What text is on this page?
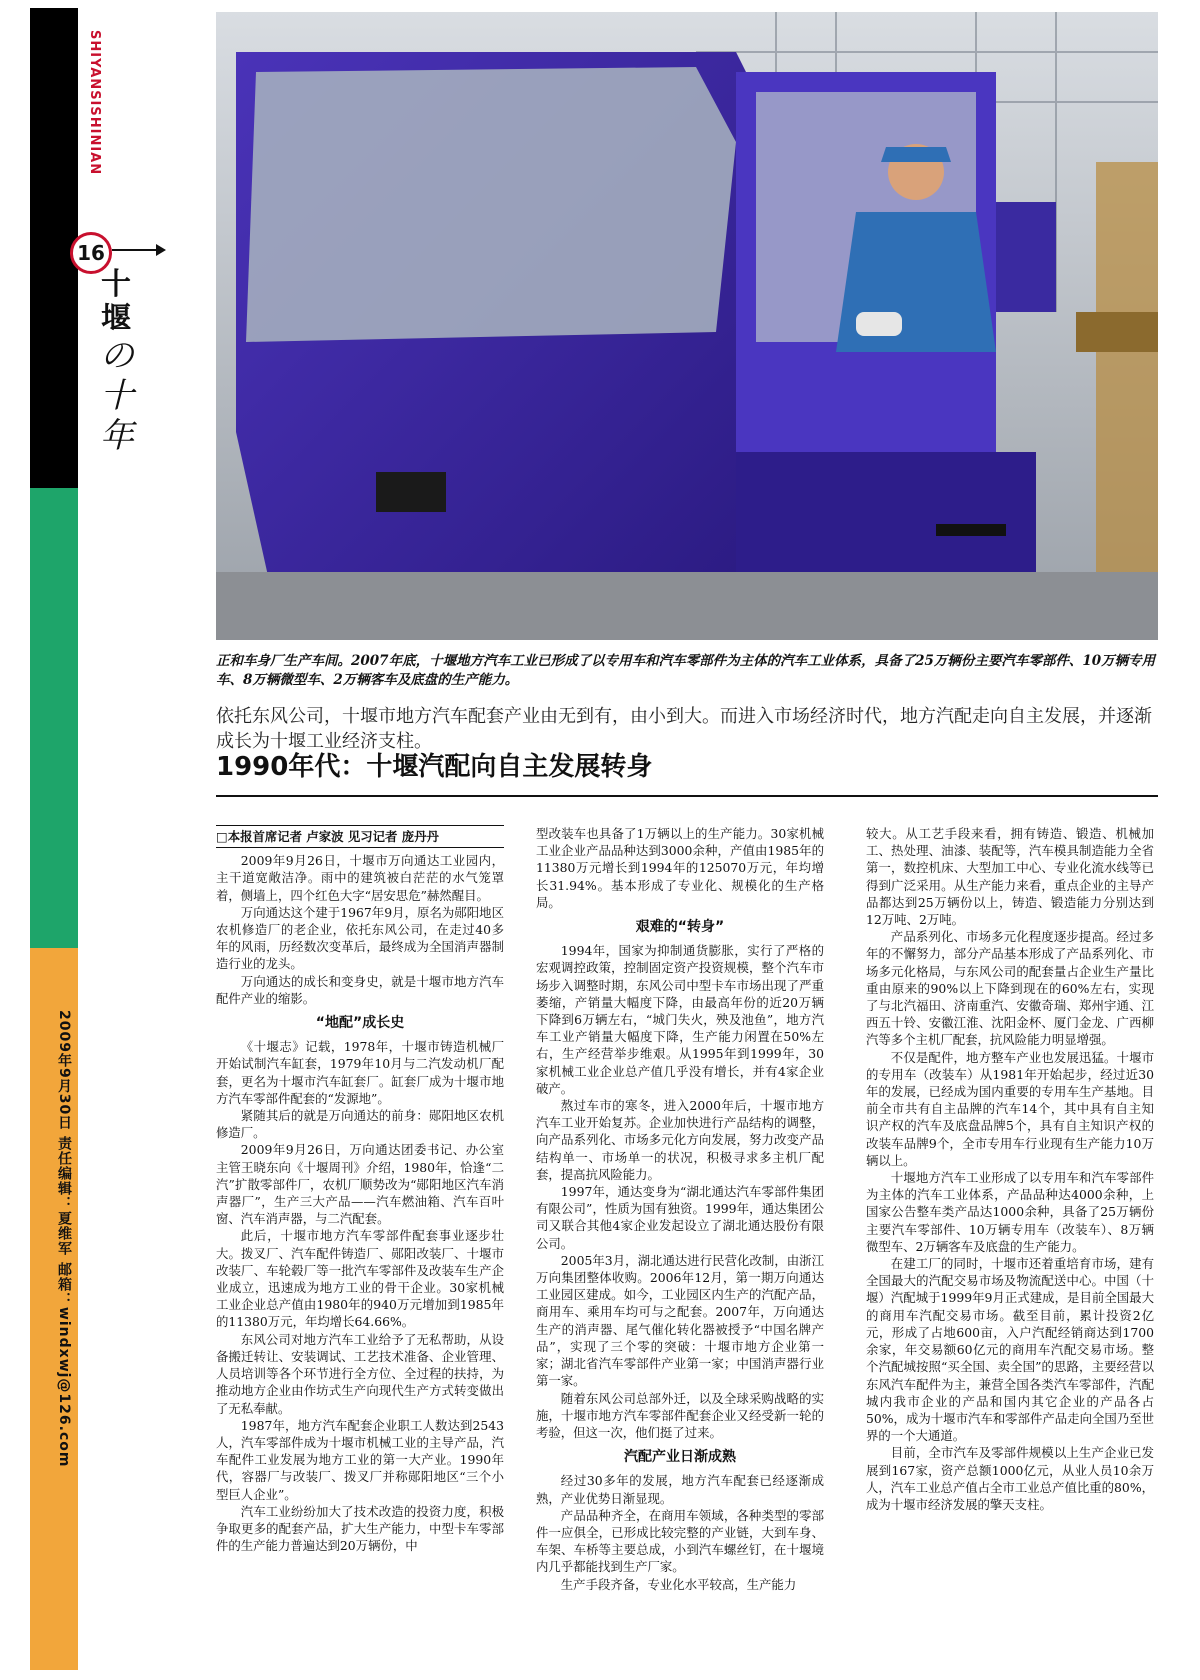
SHIYANSISHINIAN
16
十堰
の十年
2009年9月30日 责任编辑：夏维军 邮箱：windxwj@126.com
正和车身厂生产车间。2007年底，十堰地方汽车工业已形成了以专用车和汽车零部件为主体的汽车工业体系，具备了25万辆份主要汽车零部件、10万辆专用车、8万辆微型车、2万辆客车及底盘的生产能力。
依托东风公司，十堰市地方汽车配套产业由无到有，由小到大。而进入市场经济时代，地方汽配走向自主发展，并逐渐成长为十堰工业经济支柱。
1990年代：十堰汽配向自主发展转身

□本报首席记者 卢家波 见习记者 庞丹丹

2009年9月26日，十堰市万向通达工业园内，主干道宽敞洁净。雨中的建筑被白茫茫的水气笼罩着，侧墙上，四个红色大字“居安思危”赫然醒目。

万向通达这个建于1967年9月，原名为郧阳地区农机修造厂的老企业，依托东风公司，在走过40多年的风雨，历经数次变革后，最终成为全国消声器制造行业的龙头。

万向通达的成长和变身史，就是十堰市地方汽车配件产业的缩影。

“地配”成长史

《十堰志》记载，1978年，十堰市铸造机械厂开始试制汽车缸套，1979年10月与二汽发动机厂配套，更名为十堰市汽车缸套厂。缸套厂成为十堰市地方汽车零部件配套的“发源地”。

紧随其后的就是万向通达的前身：郧阳地区农机修造厂。

2009年9月26日，万向通达团委书记、办公室主管王晓东向《十堰周刊》介绍，1980年，恰逢“二汽”扩散零部件厂，农机厂顺势改为“郧阳地区汽车消声器厂”，生产三大产品——汽车燃油箱、汽车百叶窗、汽车消声器，与二汽配套。

此后，十堰市地方汽车零部件配套事业逐步壮大。拨叉厂、汽车配件铸造厂、郧阳改装厂、十堰市改装厂、车轮毂厂等一批汽车零部件及改装车生产企业成立，迅速成为地方工业的骨干企业。30家机械工业企业总产值由1980年的940万元增加到1985年的11380万元，年均增长64.66%。

东风公司对地方汽车工业给予了无私帮助，从设备搬迁转让、安装调试、工艺技术准备、企业管理、人员培训等各个环节进行全方位、全过程的扶持，为推动地方企业由作坊式生产向现代生产方式转变做出了无私奉献。

1987年，地方汽车配套企业职工人数达到2543人，汽车零部件成为十堰市机械工业的主导产品，汽车配件工业发展为地方工业的第一大产业。1990年代，容器厂与改装厂、拨叉厂并称郧阳地区“三个小型巨人企业”。

汽车工业纷纷加大了技术改造的投资力度，积极争取更多的配套产品，扩大生产能力，中型卡车零部件的生产能力普遍达到20万辆份，中

型改装车也具备了1万辆以上的生产能力。30家机械工业企业产品品种达到3000余种，产值由1985年的11380万元增长到1994年的125070万元，年均增长31.94%。基本形成了专业化、规模化的生产格局。

艰难的“转身”

1994年，国家为抑制通货膨胀，实行了严格的宏观调控政策，控制固定资产投资规模，整个汽车市场步入调整时期，东风公司中型卡车市场出现了严重萎缩，产销量大幅度下降，由最高年份的近20万辆下降到6万辆左右，“城门失火，殃及池鱼”，地方汽车工业产销量大幅度下降，生产能力闲置在50%左右，生产经营举步维艰。从1995年到1999年，30家机械工业企业总产值几乎没有增长，并有4家企业破产。

熬过车市的寒冬，进入2000年后，十堰市地方汽车工业开始复苏。企业加快进行产品结构的调整，向产品系列化、市场多元化方向发展，努力改变产品结构单一、市场单一的状况，积极寻求多主机厂配套，提高抗风险能力。

1997年，通达变身为“湖北通达汽车零部件集团有限公司”，性质为国有独资。1999年，通达集团公司又联合其他4家企业发起设立了湖北通达股份有限公司。

2005年3月，湖北通达进行民营化改制，由浙江万向集团整体收购。2006年12月，第一期万向通达工业园区建成。如今，工业园区内生产的汽配产品，商用车、乘用车均可与之配套。2007年，万向通达生产的消声器、尾气催化转化器被授予“中国名牌产品”，实现了三个零的突破：十堰市地方企业第一家；湖北省汽车零部件产业第一家；中国消声器行业第一家。

随着东风公司总部外迁，以及全球采购战略的实施，十堰市地方汽车零部件配套企业又经受新一轮的考验，但这一次，他们挺了过来。

汽配产业日渐成熟

经过30多年的发展，地方汽车配套已经逐渐成熟，产业优势日渐显现。

产品品种齐全，在商用车领域，各种类型的零部件一应俱全，已形成比较完整的产业链，大到车身、车架、车桥等主要总成，小到汽车螺丝钉，在十堰境内几乎都能找到生产厂家。

生产手段齐备，专业化水平较高，生产能力

较大。从工艺手段来看，拥有铸造、锻造、机械加工、热处理、油漆、装配等，汽车模具制造能力全省第一，数控机床、大型加工中心、专业化流水线等已得到广泛采用。从生产能力来看，重点企业的主导产品都达到25万辆份以上，铸造、锻造能力分别达到12万吨、2万吨。

产品系列化、市场多元化程度逐步提高。经过多年的不懈努力，部分产品基本形成了产品系列化、市场多元化格局，与东风公司的配套量占企业生产量比重由原来的90%以上下降到现在的60%左右，实现了与北汽福田、济南重汽、安徽奇瑞、郑州宇通、江西五十铃、安徽江淮、沈阳金杯、厦门金龙、广西柳汽等多个主机厂配套，抗风险能力明显增强。

不仅是配件，地方整车产业也发展迅猛。十堰市的专用车（改装车）从1981年开始起步，经过近30年的发展，已经成为国内重要的专用车生产基地。目前全市共有自主品牌的汽车14个，其中具有自主知识产权的汽车及底盘品牌5个，具有自主知识产权的改装车品牌9个，全市专用车行业现有生产能力10万辆以上。

十堰地方汽车工业形成了以专用车和汽车零部件为主体的汽车工业体系，产品品种达4000余种，上国家公告整车类产品达1000余种，具备了25万辆份主要汽车零部件、10万辆专用车（改装车）、8万辆微型车、2万辆客车及底盘的生产能力。

在建工厂的同时，十堰市还着重培育市场，建有全国最大的汽配交易市场及物流配送中心。中国（十堰）汽配城于1999年9月正式建成，是目前全国最大的商用车汽配交易市场。截至目前，累计投资2亿元，形成了占地600亩，入户汽配经销商达到1700余家，年交易额60亿元的商用车汽配交易市场。整个汽配城按照“买全国、卖全国”的思路，主要经营以东风汽车配件为主，兼营全国各类汽车零部件，汽配城内我市企业的产品和国内其它企业的产品各占50%，成为十堰市汽车和零部件产品走向全国乃至世界的一个大通道。

目前，全市汽车及零部件规模以上生产企业已发展到167家，资产总额1000亿元，从业人员10余万人，汽车工业总产值占全市工业总产值比重的80%，成为十堰市经济发展的擎天支柱。
